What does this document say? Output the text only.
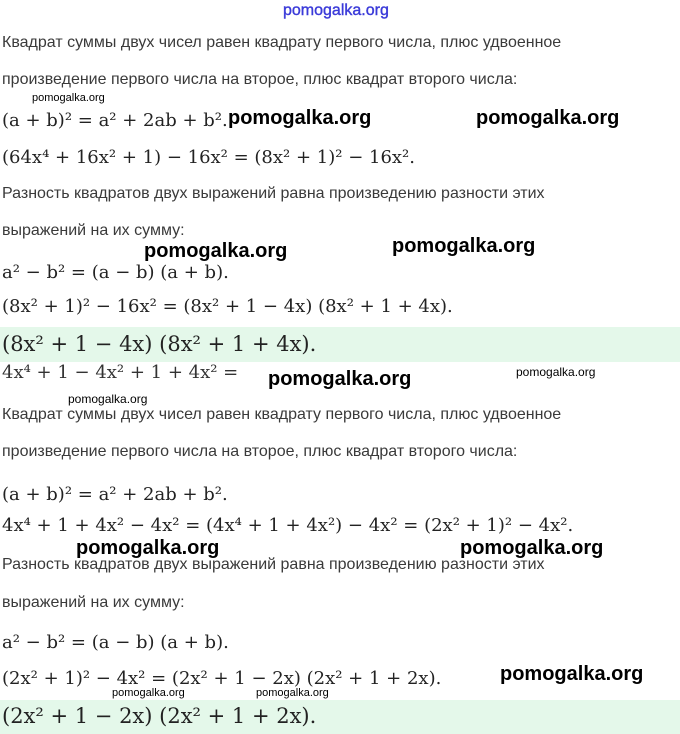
pomogalka.org
Квадрат суммы двух чисел равен квадрату первого числа, плюс удвоенное
произведение первого числа на второе, плюс квадрат второго числа:
pomogalka.org
(a + b)² = a² + 2ab + b². pomogalka.org	pomogalka.org
(64x⁴ + 16x² + 1) − 16x² = (8x² + 1)² − 16x².
Разность квадратов двух выражений равна произведению разности этих
выражений на их сумму:
pomogalka.org	pomogalka.org
a² − b² = (a − b) (a + b).
(8x² + 1)² − 16x² = (8x² + 1 − 4x) (8x² + 1 + 4x).
(8x² + 1 − 4x) (8x² + 1 + 4x).
4x⁴ + 1 − 4x² + 1 + 4x² = pomogalka.org	pomogalka.org
pomogalka.org
Квадрат суммы двух чисел равен квадрату первого числа, плюс удвоенное
произведение первого числа на второе, плюс квадрат второго числа:
(a + b)² = a² + 2ab + b².
4x⁴ + 1 + 4x² − 4x² = (4x⁴ + 1 + 4x²) − 4x² = (2x² + 1)² − 4x².
pomogalka.org	pomogalka.org
Разность квадратов двух выражений равна произведению разности этих
выражений на их сумму:
a² − b² = (a − b) (a + b).
(2x² + 1)² − 4x² = (2x² + 1 − 2x) (2x² + 1 + 2x).	pomogalka.org
pomogalka.org	pomogalka.org
(2x² + 1 − 2x) (2x² + 1 + 2x).
